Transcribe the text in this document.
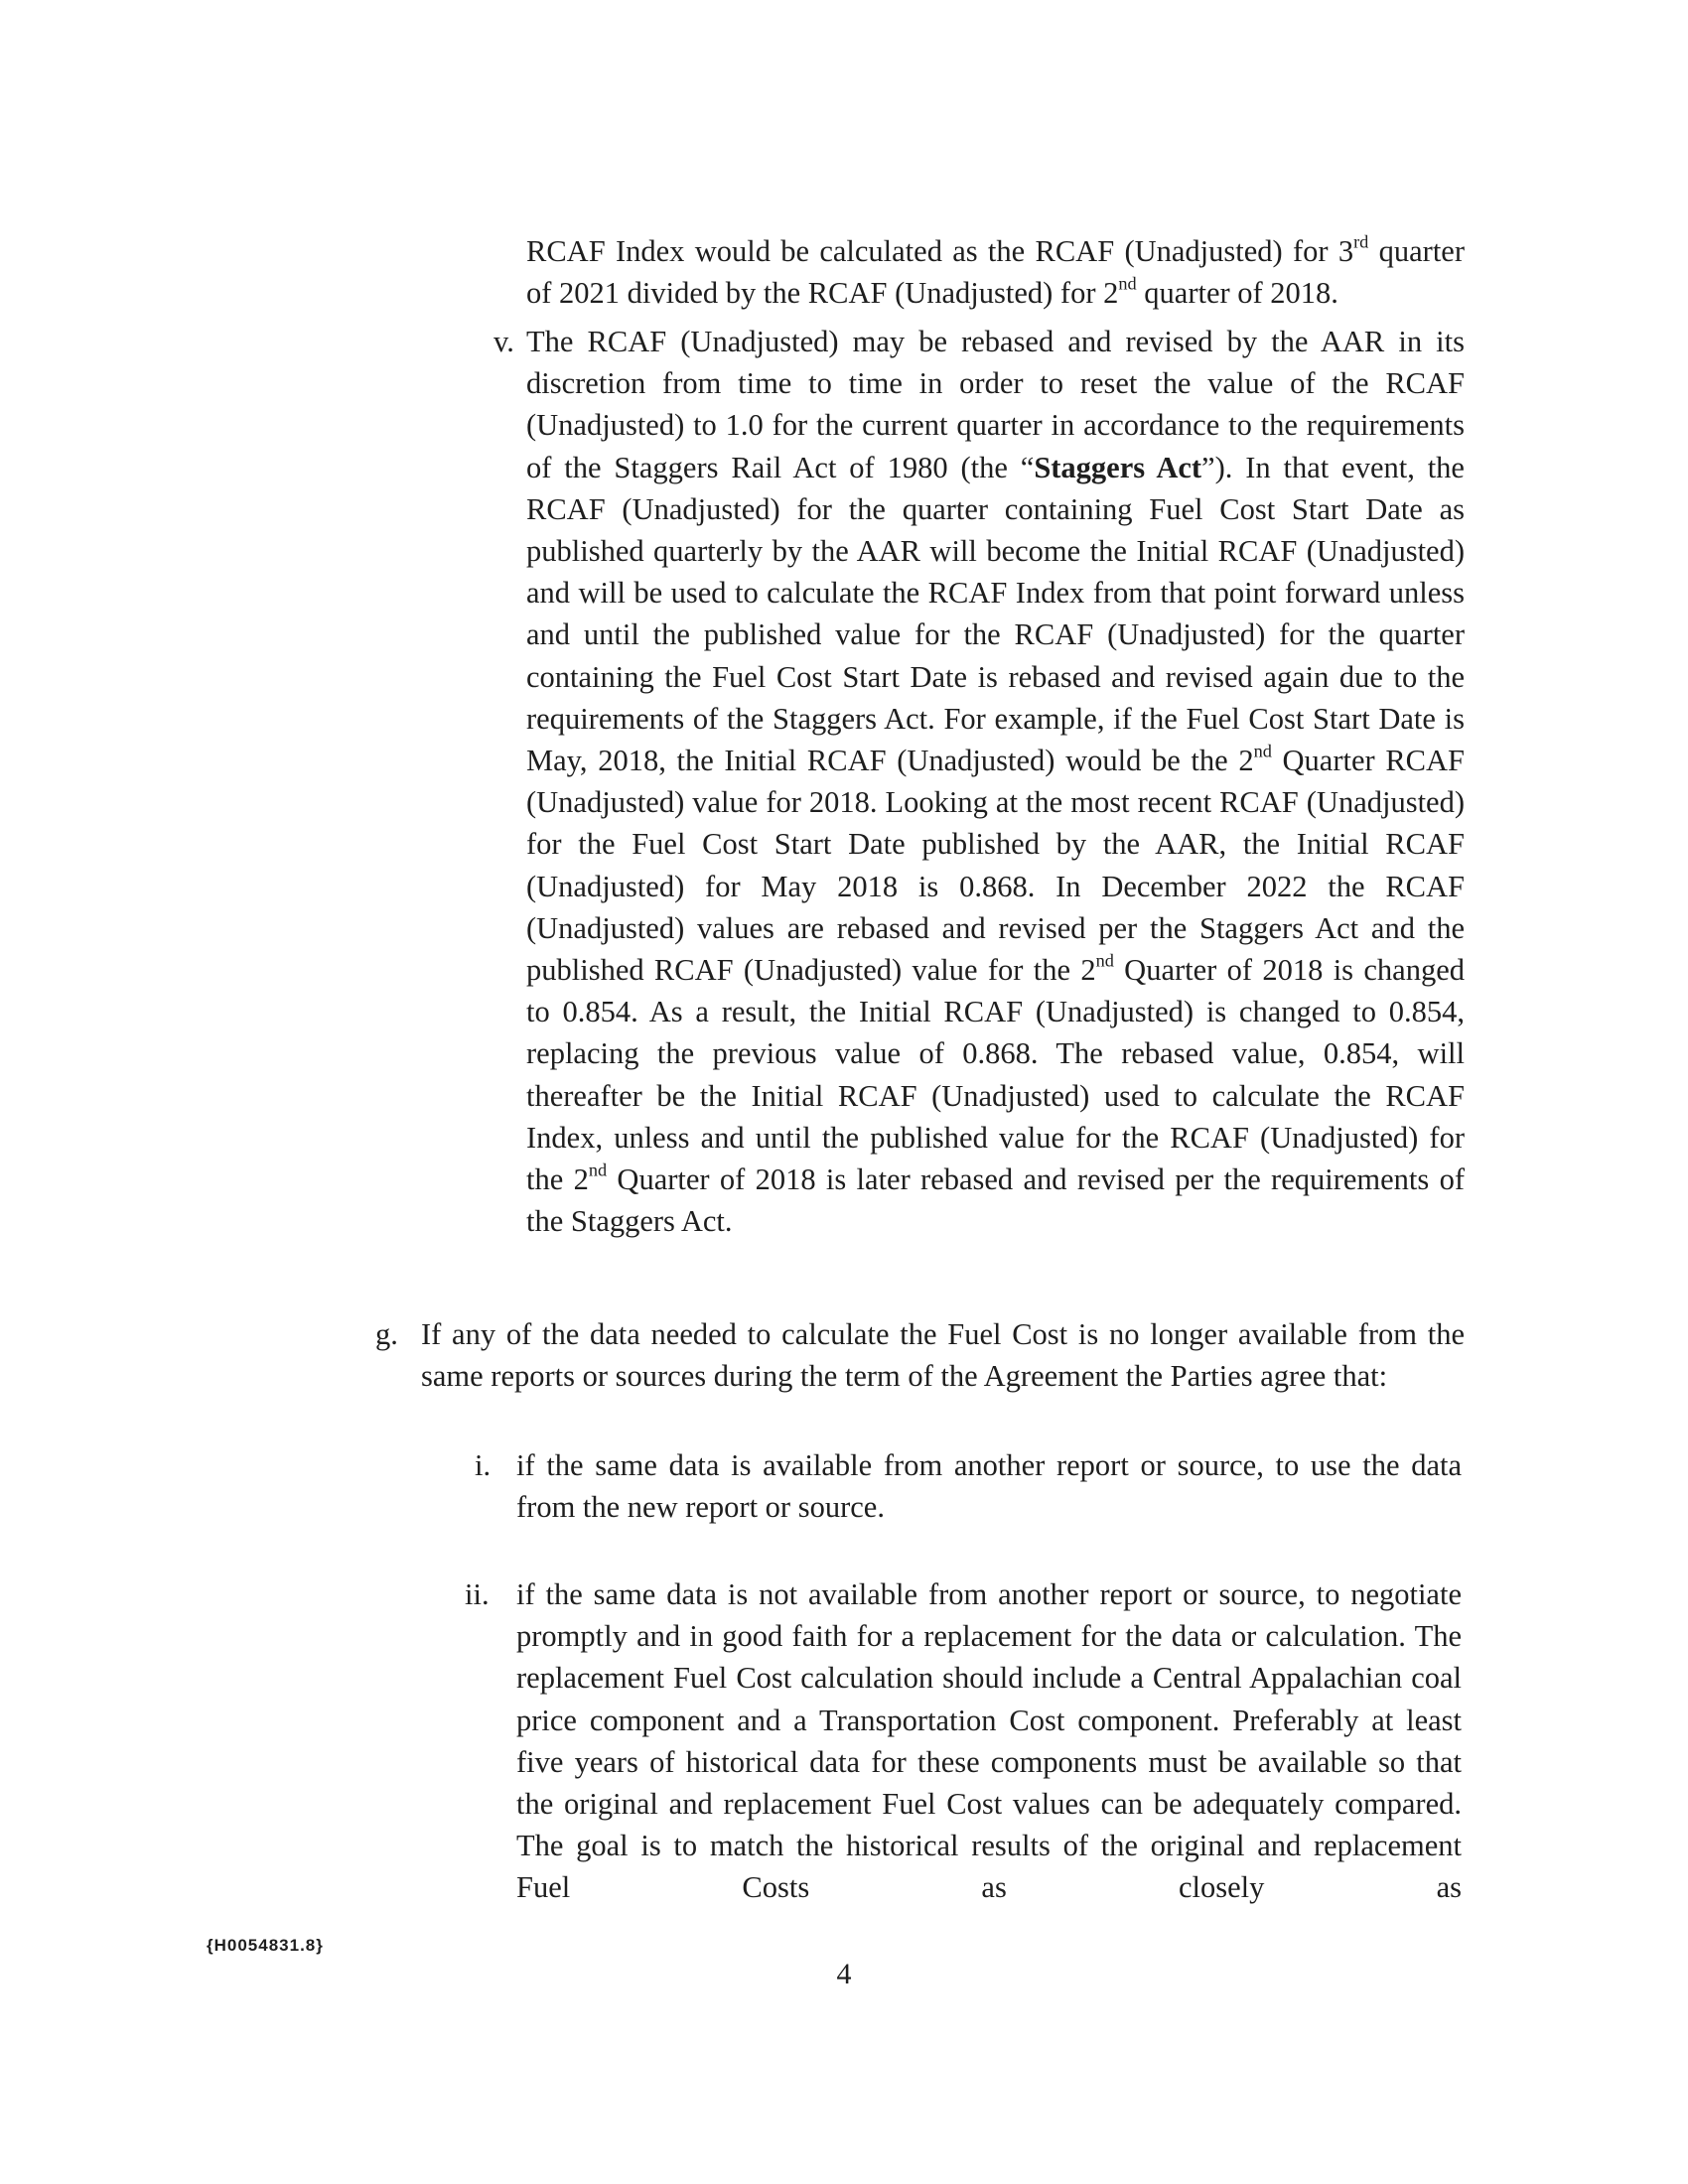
RCAF Index would be calculated as the RCAF (Unadjusted) for 3rd quarter of 2021 divided by the RCAF (Unadjusted) for 2nd quarter of 2018.

v. The RCAF (Unadjusted) may be rebased and revised by the AAR in its discretion from time to time in order to reset the value of the RCAF (Unadjusted) to 1.0 for the current quarter in accordance to the requirements of the Staggers Rail Act of 1980 (the “Staggers Act”). In that event, the RCAF (Unadjusted) for the quarter containing Fuel Cost Start Date as published quarterly by the AAR will become the Initial RCAF (Unadjusted) and will be used to calculate the RCAF Index from that point forward unless and until the published value for the RCAF (Unadjusted) for the quarter containing the Fuel Cost Start Date is rebased and revised again due to the requirements of the Staggers Act. For example, if the Fuel Cost Start Date is May, 2018, the Initial RCAF (Unadjusted) would be the 2nd Quarter RCAF (Unadjusted) value for 2018. Looking at the most recent RCAF (Unadjusted) for the Fuel Cost Start Date published by the AAR, the Initial RCAF (Unadjusted) for May 2018 is 0.868. In December 2022 the RCAF (Unadjusted) values are rebased and revised per the Staggers Act and the published RCAF (Unadjusted) value for the 2nd Quarter of 2018 is changed to 0.854. As a result, the Initial RCAF (Unadjusted) is changed to 0.854, replacing the previous value of 0.868. The rebased value, 0.854, will thereafter be the Initial RCAF (Unadjusted) used to calculate the RCAF Index, unless and until the published value for the RCAF (Unadjusted) for the 2nd Quarter of 2018 is later rebased and revised per the requirements of the Staggers Act.

g. If any of the data needed to calculate the Fuel Cost is no longer available from the same reports or sources during the term of the Agreement the Parties agree that:

i. if the same data is available from another report or source, to use the data from the new report or source.

ii. if the same data is not available from another report or source, to negotiate promptly and in good faith for a replacement for the data or calculation. The replacement Fuel Cost calculation should include a Central Appalachian coal price component and a Transportation Cost component. Preferably at least five years of historical data for these components must be available so that the original and replacement Fuel Cost values can be adequately compared. The goal is to match the historical results of the original and replacement Fuel Costs as closely as

{H0054831.8}
4
